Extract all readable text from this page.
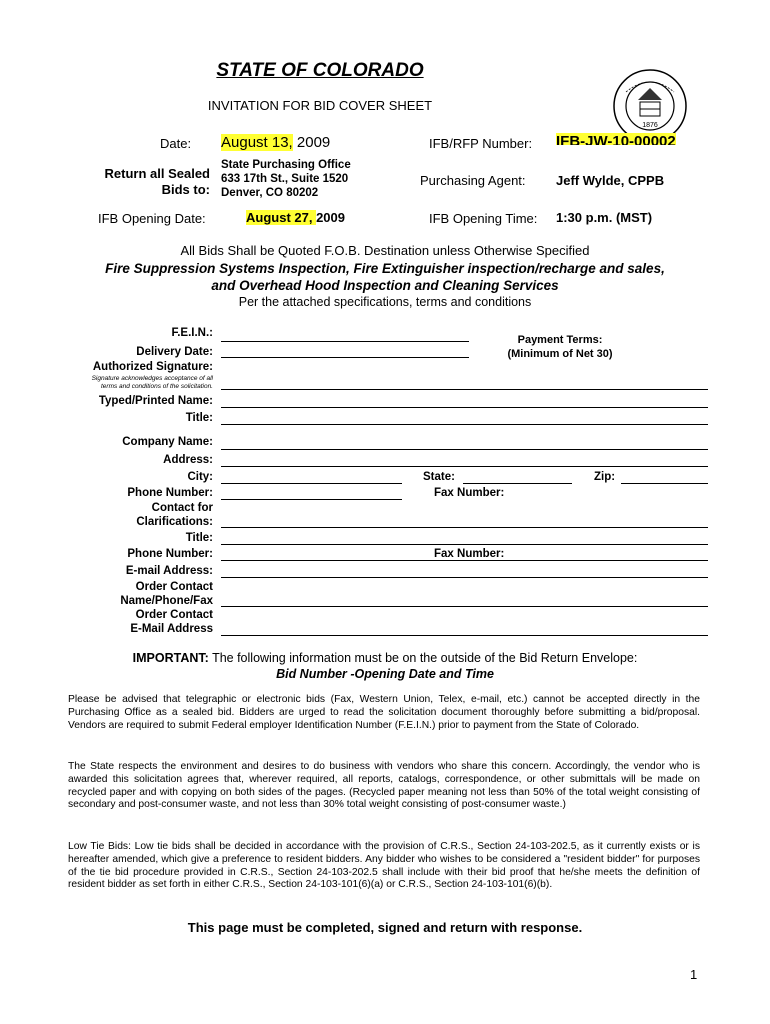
STATE OF COLORADO
INVITATION FOR BID COVER SHEET
1876
Date: August 13, 2009	IFB/RFP Number: IFB-JW-10-00002
Return all Sealed
Bids to:
State Purchasing Office
633 17th St., Suite 1520
Denver, CO 80202
Purchasing Agent: Jeff Wylde, CPPB
IFB Opening Date:	August 27, 2009	IFB Opening Time: 1:30 p.m. (MST)
All Bids Shall be Quoted F.O.B. Destination unless Otherwise Specified
Fire Suppression Systems Inspection, Fire Extinguisher inspection/recharge and sales,
and Overhead Hood Inspection and Cleaning Services
Per the attached specifications, terms and conditions
F.E.I.N.:
Delivery Date:
Authorized Signature:
Signature acknowledges acceptance of all
terms and conditions of the solicitation.
Payment Terms:
(Minimum of Net 30)
Typed/Printed Name:
Title:
Company Name:
Address:
City:	State:	Zip:
Phone Number:	Fax Number:
Contact for
Clarifications:
Title:
Phone Number:	Fax Number:
E-mail Address:
Order Contact
Name/Phone/Fax
Order Contact
E-Mail Address
IMPORTANT: The following information must be on the outside of the Bid Return Envelope:
Bid Number -Opening Date and Time
Please be advised that telegraphic or electronic bids (Fax, Western Union, Telex, e-mail, etc.) cannot be accepted directly in the Purchasing Office as a sealed bid. Bidders are urged to read the solicitation document thoroughly before submitting a bid/proposal. Vendors are required to submit Federal employer Identification Number (F.E.I.N.) prior to payment from the State of Colorado.
The State respects the environment and desires to do business with vendors who share this concern. Accordingly, the vendor who is awarded this solicitation agrees that, wherever required, all reports, catalogs, correspondence, or other submittals will be made on recycled paper and with copying on both sides of the pages. (Recycled paper meaning not less than 50% of the total weight consisting of secondary and post-consumer waste, and not less than 30% total weight consisting of post-consumer waste.)
Low Tie Bids: Low tie bids shall be decided in accordance with the provision of C.R.S., Section 24-103-202.5, as it currently exists or is hereafter amended, which give a preference to resident bidders. Any bidder who wishes to be considered a "resident bidder" for purposes of the tie bid procedure provided in C.R.S., Section 24-103-202.5 shall include with their bid proof that he/she meets the definition of resident bidder as set forth in either C.R.S., Section 24-103-101(6)(a) or C.R.S., Section 24-103-101(6)(b).
This page must be completed, signed and return with response.
1
